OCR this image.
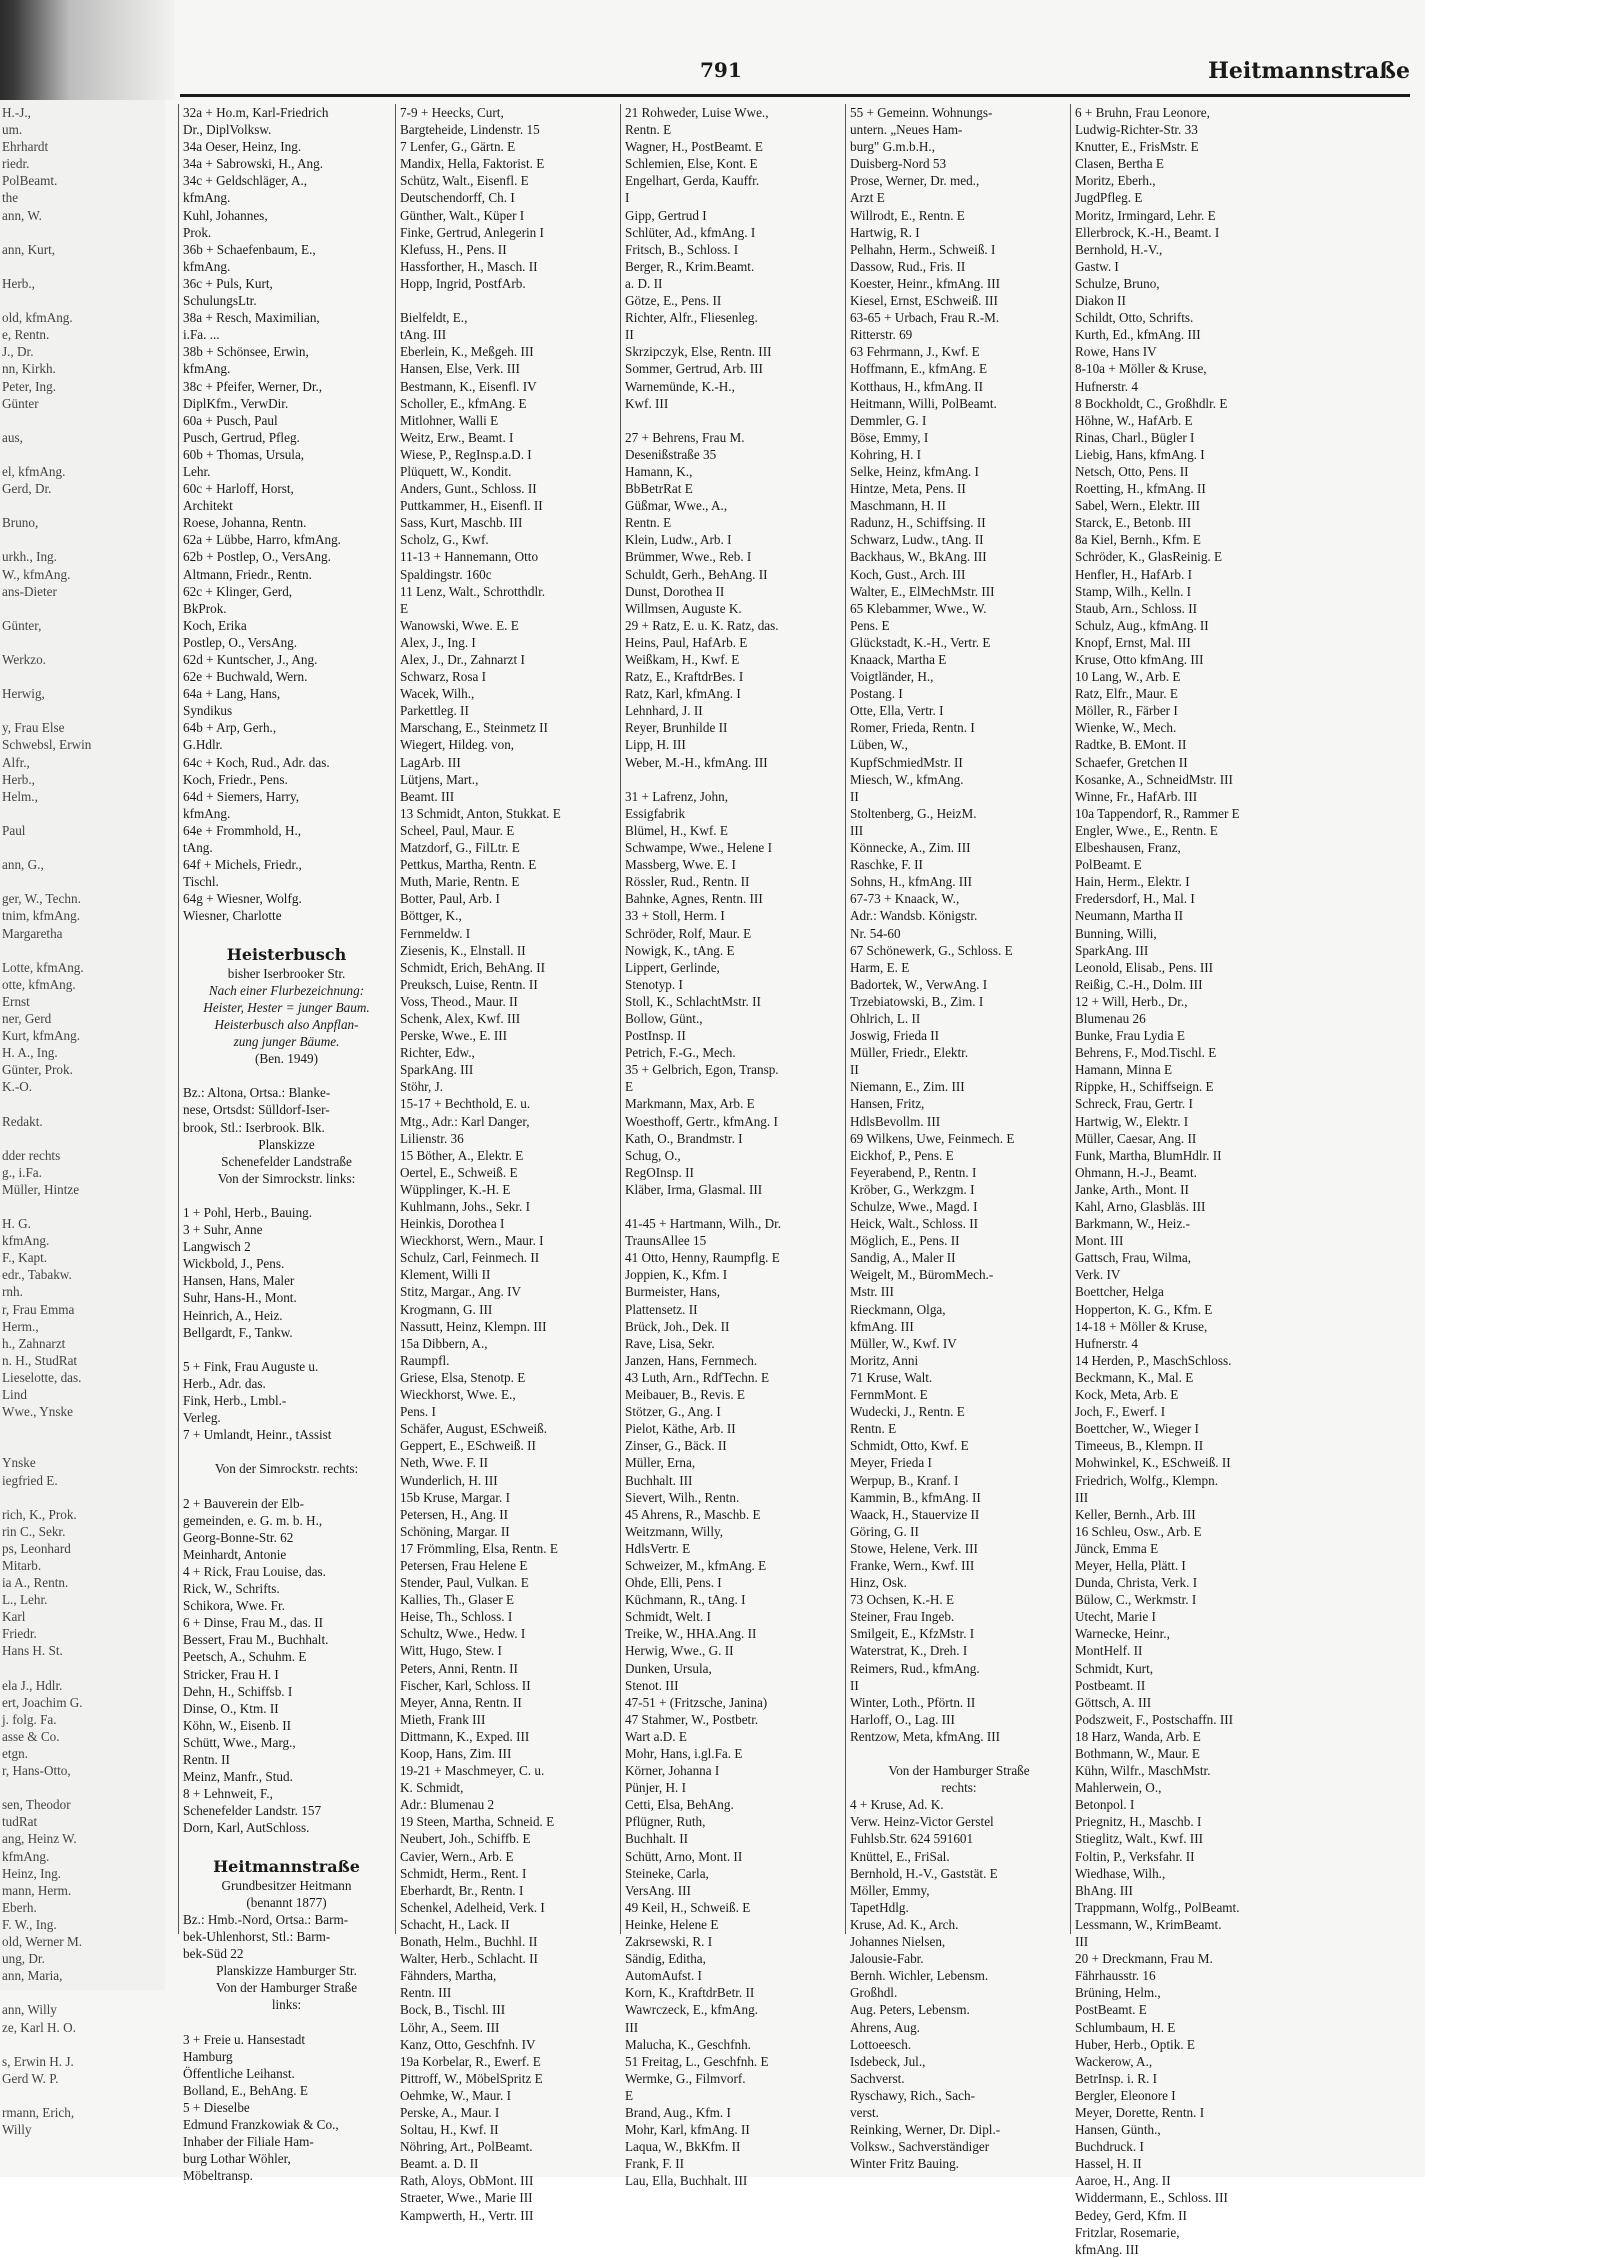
791	Heitmannstraße
H.-J.,
um.
Ehrhardt
riedr.
PolBeamt.
the
ann, W.

ann, Kurt,

Herb.,

old, kfmAng.
e, Rentn.
J., Dr.
nn, Kirkh.
Peter, Ing.
Günter

aus,

el, kfmAng.
Gerd, Dr.

Bruno,

urkh., Ing.
W., kfmAng.
ans-Dieter

Günter,

Werkzo.

Herwig,

y, Frau Else
Schwebsl, Erwin
Alfr.,
Herb.,
Helm.,

Paul

ann, G.,

ger, W., Techn.
tnim, kfmAng.
Margaretha

Lotte, kfmAng.
otte, kfmAng.
Ernst
ner, Gerd
Kurt, kfmAng.
H. A., Ing.
Günter, Prok.
K.-O.

Redakt.

dder rechts
g., i.Fa.
Müller, Hintze

H. G.
kfmAng.
F., Kapt.
edr., Tabakw.
rnh.
r, Frau Emma
Herm.,
h., Zahnarzt
n. H., StudRat
Lieselotte, das.
Lind
Wwe., Ynske

Ynske
iegfried E.

rich, K., Prok.
rin C., Sekr.
ps, Leonhard
Mitarb.
ia A., Rentn.
L., Lehr.
Karl
Friedr.
Hans H. St.

ela J., Hdlr.
ert, Joachim G.
j. folg. Fa.
asse & Co.
etgn.
r, Hans-Otto,

sen, Theodor
tudRat
ang, Heinz W.
kfmAng.
Heinz, Ing.
mann, Herm.
Eberh.
F. W., Ing.
old, Werner M.
ung, Dr.
ann, Maria,

ann, Willy
ze, Karl H. O.

s, Erwin H. J.
Gerd W. P.

rmann, Erich,
Willy
32a + Ho.m, Karl-Friedrich
Dr., DiplVolksw.
34a Oeser, Heinz, Ing.
34a + Sabrowski, H., Ang.
34c + Geldschläger, A.,
kfmAng.
Kuhl, Johannes,
Prok.
36b + Schaefenbaum, E.,
kfmAng.
36c + Puls, Kurt,
SchulungsLtr.
38a + Resch, Maximilian,
i.Fa. ...
38b + Schönsee, Erwin,
kfmAng.
38c + Pfeifer, Werner, Dr.,
DiplKfm., VerwDir.
60a + Pusch, Paul
Pusch, Gertrud, Pfleg.
60b + Thomas, Ursula,
Lehr.
60c + Harloff, Horst,
Architekt
Roese, Johanna, Rentn.
62a + Lübbe, Harro, kfmAng.
62b + Postlep, O., VersAng.
Altmann, Friedr., Rentn.
62c + Klinger, Gerd,
BkProk.
Koch, Erika
Postlep, O., VersAng.
62d + Kuntscher, J., Ang.
62e + Buchwald, Wern.
64a + Lang, Hans,
Syndikus
64b + Arp, Gerh.,
G.Hdlr.
64c + Koch, Rud., Adr. das.
Koch, Friedr., Pens.
64d + Siemers, Harry,
kfmAng.
64e + Frommhold, H.,
tAng.
64f + Michels, Friedr.,
Tischl.
64g + Wiesner, Wolfg.
Wiesner, Charlotte

Heisterbusch
bisher Iserbrooker Str.
Nach einer Flurbezeichnung:
Heister, Hester = junger Baum.
Heisterbusch also Anpflan-
zung junger Bäume.
(Ben. 1949)

Bz.: Altona, Ortsa.: Blanke-
nese, Ortsdst: Sülldorf-Iser-
brook, Stl.: Iserbrook. Blk.
Planskizze
Schenefelder Landstraße
Von der Simrockstr. links:

1 + Pohl, Herb., Bauing.
3 + Suhr, Anne
Langwisch 2
Wickbold, J., Pens.
Hansen, Hans, Maler
Suhr, Hans-H., Mont.
Heinrich, A., Heiz.
Bellgardt, F., Tankw.

5 + Fink, Frau Auguste u.
Herb., Adr. das.
Fink, Herb., Lmbl.-
Verleg.
7 + Umlandt, Heinr., tAssist

Von der Simrockstr. rechts:

2 + Bauverein der Elb-
gemeinden, e. G. m. b. H.,
Georg-Bonne-Str. 62
Meinhardt, Antonie
4 + Rick, Frau Louise, das.
Rick, W., Schrifts.
Schikora, Wwe. Fr.
6 + Dinse, Frau M., das. II
Bessert, Frau M., Buchhalt.
Peetsch, A., Schuhm. E
Stricker, Frau H. I
Dehn, H., Schiffsb. I
Dinse, O., Ktm. II
Köhn, W., Eisenb. II
Schütt, Wwe., Marg.,
Rentn. II
Meinz, Manfr., Stud.
8 + Lehnweit, F.,
Schenefelder Landstr. 157
Dorn, Karl, AutSchloss.

Heitmannstraße
Grundbesitzer Heitmann
(benannt 1877)
Bz.: Hmb.-Nord, Ortsa.: Barm-
bek-Uhlenhorst, Stl.: Barm-
bek-Süd 22
Planskizze Hamburger Str.
Von der Hamburger Straße
links:

3 + Freie u. Hansestadt
Hamburg
Öffentliche Leihanst.
Bolland, E., BehAng. E
5 + Dieselbe
Edmund Franzkowiak & Co.,
Inhaber der Filiale Ham-
burg Lothar Wöhler,
Möbeltransp.
7-9 + Heecks, Curt,
Bargteheide, Lindenstr. 15
7 Lenfer, G., Gärtn. E
Mandix, Hella, Faktorist. E
Schütz, Walt., Eisenfl. E
Deutschendorff, Ch. I
Günther, Walt., Küper I
Finke, Gertrud, Anlegerin I
Klefuss, H., Pens. II
Hassforther, H., Masch. II
Hopp, Ingrid, PostfArb.

Bielfeldt, E.,
tAng. III
Eberlein, K., Meßgeh. III
Hansen, Else, Verk. III
Bestmann, K., Eisenfl. IV
Scholler, E., kfmAng. E
Mitlohner, Walli E
Weitz, Erw., Beamt. I
Wiese, P., RegInsp.a.D. I
Plüquett, W., Kondit.
Anders, Gunt., Schloss. II
Puttkammer, H., Eisenfl. II
Sass, Kurt, Maschb. III
Scholz, G., Kwf.
11-13 + Hannemann, Otto
Spaldingstr. 160c
11 Lenz, Walt., Schrotthdlr.
E
Wanowski, Wwe. E. E
Alex, J., Ing. I
Alex, J., Dr., Zahnarzt I
Schwarz, Rosa I
Wacek, Wilh.,
Parkettleg. II
Marschang, E., Steinmetz II
Wiegert, Hildeg. von,
LagArb. III
Lütjens, Mart.,
Beamt. III
13 Schmidt, Anton, Stukkat. E
Scheel, Paul, Maur. E
Matzdorf, G., FilLtr. E
Pettkus, Martha, Rentn. E
Muth, Marie, Rentn. E
Botter, Paul, Arb. I
Böttger, K.,
Fernmeldw. I
Ziesenis, K., Elnstall. II
Schmidt, Erich, BehAng. II
Preuksch, Luise, Rentn. II
Voss, Theod., Maur. II
Schenk, Alex, Kwf. III
Perske, Wwe., E. III
Richter, Edw.,
SparkAng. III
Stöhr, J.
15-17 + Bechthold, E. u.
Mtg., Adr.: Karl Danger,
Lilienstr. 36
15 Böther, A., Elektr. E
Oertel, E., Schweiß. E
Wüpplinger, K.-H. E
Kuhlmann, Johs., Sekr. I
Heinkis, Dorothea I
Wieckhorst, Wern., Maur. I
Schulz, Carl, Feinmech. II
Klement, Willi II
Stitz, Margar., Ang. IV
Krogmann, G. III
Nassutt, Heinz, Klempn. III
15a Dibbern, A.,
Raumpfl.
Griese, Elsa, Stenotp. E
Wieckhorst, Wwe. E.,
Pens. I
Schäfer, August, ESchweiß.
Geppert, E., ESchweiß. II
Neth, Wwe. F. II
Wunderlich, H. III
15b Kruse, Margar. I
Petersen, H., Ang. II
Schöning, Margar. II
17 Frömmling, Elsa, Rentn. E
Petersen, Frau Helene E
Stender, Paul, Vulkan. E
Kallies, Th., Glaser E
Heise, Th., Schloss. I
Schultz, Wwe., Hedw. I
Witt, Hugo, Stew. I
Peters, Anni, Rentn. II
Fischer, Karl, Schloss. II
Meyer, Anna, Rentn. II
Mieth, Frank III
Dittmann, K., Exped. III
Koop, Hans, Zim. III
19-21 + Maschmeyer, C. u.
K. Schmidt,
Adr.: Blumenau 2
19 Steen, Martha, Schneid. E
Neubert, Joh., Schiffb. E
Cavier, Wern., Arb. E
Schmidt, Herm., Rent. I
Eberhardt, Br., Rentn. I
Schenkel, Adelheid, Verk. I
Schacht, H., Lack. II
Bonath, Helm., Buchhl. II
Walter, Herb., Schlacht. II
Fähnders, Martha,
Rentn. III
Bock, B., Tischl. III
Löhr, A., Seem. III
Kanz, Otto, Geschfnh. IV
19a Korbelar, R., Ewerf. E
Pittroff, W., MöbelSpritz E
Oehmke, W., Maur. I
Perske, A., Maur. I
Soltau, H., Kwf. II
Nöhring, Art., PolBeamt.
Beamt. a. D. II
Rath, Aloys, ObMont. III
Straeter, Wwe., Marie III
Kampwerth, H., Vertr. III
21 Rohweder, Luise Wwe.,
Rentn. E
Wagner, H., PostBeamt. E
Schlemien, Else, Kont. E
Engelhart, Gerda, Kauffr.
I
Gipp, Gertrud I
Schlüter, Ad., kfmAng. I
Fritsch, B., Schloss. I
Berger, R., Krim.Beamt.
a. D. II
Götze, E., Pens. II
Richter, Alfr., Fliesenleg.
II
Skrzipczyk, Else, Rentn. III
Sommer, Gertrud, Arb. III
Warnemünde, K.-H.,
Kwf. III

27 + Behrens, Frau M.
Desenißstraße 35
Hamann, K.,
BbBetrRat E
Güßmar, Wwe., A.,
Rentn. E
Klein, Ludw., Arb. I
Brümmer, Wwe., Reb. I
Schuldt, Gerh., BehAng. II
Dunst, Dorothea II
Willmsen, Auguste K.
29 + Ratz, E. u. K. Ratz, das.
Heins, Paul, HafArb. E
Weißkam, H., Kwf. E
Ratz, E., KraftdrBes. I
Ratz, Karl, kfmAng. I
Lehnhard, J. II
Reyer, Brunhilde II
Lipp, H. III
Weber, M.-H., kfmAng. III

31 + Lafrenz, John,
Essigfabrik
Blümel, H., Kwf. E
Schwampe, Wwe., Helene I
Massberg, Wwe. E. I
Rössler, Rud., Rentn. II
Bahnke, Agnes, Rentn. III
33 + Stoll, Herm. I
Schröder, Rolf, Maur. E
Nowigk, K., tAng. E
Lippert, Gerlinde,
Stenotyp. I
Stoll, K., SchlachtMstr. II
Bollow, Günt.,
PostInsp. II
Petrich, F.-G., Mech.
35 + Gelbrich, Egon, Transp.
E
Markmann, Max, Arb. E
Woesthoff, Gertr., kfmAng. I
Kath, O., Brandmstr. I
Schug, O.,
RegOInsp. II
Kläber, Irma, Glasmal. III

41-45 + Hartmann, Wilh., Dr.
TraunsAllee 15
41 Otto, Henny, Raumpflg. E
Joppien, K., Kfm. I
Burmeister, Hans,
Plattensetz. II
Brück, Joh., Dek. II
Rave, Lisa, Sekr.
Janzen, Hans, Fernmech.
43 Luth, Arn., RdfTechn. E
Meibauer, B., Revis. E
Stötzer, G., Ang. I
Pielot, Käthe, Arb. II
Zinser, G., Bäck. II
Müller, Erna,
Buchhalt. III
Sievert, Wilh., Rentn.
45 Ahrens, R., Maschb. E
Weitzmann, Willy,
HdlsVertr. E
Schweizer, M., kfmAng. E
Ohde, Elli, Pens. I
Küchmann, R., tAng. I
Schmidt, Welt. I
Treike, W., HHA.Ang. II
Herwig, Wwe., G. II
Dunken, Ursula,
Stenot. III
47-51 + (Fritzsche, Janina)
47 Stahmer, W., Postbetr.
Wart a.D. E
Mohr, Hans, i.gl.Fa. E
Körner, Johanna I
Pünjer, H. I
Cetti, Elsa, BehAng.
Pflügner, Ruth,
Buchhalt. II
Schütt, Arno, Mont. II
Steineke, Carla,
VersAng. III
49 Keil, H., Schweiß. E
Heinke, Helene E
Zakrsewski, R. I
Sändig, Editha,
AutomAufst. I
Korn, K., KraftdrBetr. II
Wawrczeck, E., kfmAng.
III
Malucha, K., Geschfnh.
51 Freitag, L., Geschfnh. E
Wermke, G., Filmvorf.
E
Brand, Aug., Kfm. I
Mohr, Karl, kfmAng. II
Laqua, W., BkKfm. II
Frank, F. II
Lau, Ella, Buchhalt. III
55 + Gemeinn. Wohnungs-
untern. „Neues Ham-
burg" G.m.b.H.,
Duisberg-Nord 53
Prose, Werner, Dr. med.,
Arzt E
Willrodt, E., Rentn. E
Hartwig, R. I
Pelhahn, Herm., Schweiß. I
Dassow, Rud., Fris. II
Koester, Heinr., kfmAng. III
Kiesel, Ernst, ESchweiß. III
63-65 + Urbach, Frau R.-M.
Ritterstr. 69
63 Fehrmann, J., Kwf. E
Hoffmann, E., kfmAng. E
Kotthaus, H., kfmAng. II
Heitmann, Willi, PolBeamt.
Demmler, G. I
Böse, Emmy, I
Kohring, H. I
Selke, Heinz, kfmAng. I
Hintze, Meta, Pens. II
Maschmann, H. II
Radunz, H., Schiffsing. II
Schwarz, Ludw., tAng. II
Backhaus, W., BkAng. III
Koch, Gust., Arch. III
Walter, E., ElMechMstr. III
65 Klebammer, Wwe., W.
Pens. E
Glückstadt, K.-H., Vertr. E
Knaack, Martha E
Voigtländer, H.,
Postang. I
Otte, Ella, Vertr. I
Romer, Frieda, Rentn. I
Lüben, W.,
KupfSchmiedMstr. II
Miesch, W., kfmAng.
II
Stoltenberg, G., HeizM.
III
Könnecke, A., Zim. III
Raschke, F. II
Sohns, H., kfmAng. III
67-73 + Knaack, W.,
Adr.: Wandsb. Königstr.
Nr. 54-60
67 Schönewerk, G., Schloss. E
Harm, E. E
Badortek, W., VerwAng. I
Trzebiatowski, B., Zim. I
Ohlrich, L. II
Joswig, Frieda II
Müller, Friedr., Elektr.
II
Niemann, E., Zim. III
Hansen, Fritz,
HdlsBevollm. III
69 Wilkens, Uwe, Feinmech. E
Eickhof, P., Pens. E
Feyerabend, P., Rentn. I
Kröber, G., Werkzgm. I
Schulze, Wwe., Magd. I
Heick, Walt., Schloss. II
Möglich, E., Pens. II
Sandig, A., Maler II
Weigelt, M., BüromMech.-
Mstr. III
Rieckmann, Olga,
kfmAng. III
Müller, W., Kwf. IV
Moritz, Anni
71 Kruse, Walt.
FernmMont. E
Wudecki, J., Rentn. E
Rentn. E
Schmidt, Otto, Kwf. E
Meyer, Frieda I
Werpup, B., Kranf. I
Kammin, B., kfmAng. II
Waack, H., Stauervize II
Göring, G. II
Stowe, Helene, Verk. III
Franke, Wern., Kwf. III
Hinz, Osk.
73 Ochsen, K.-H. E
Steiner, Frau Ingeb.
Smilgeit, E., KfzMstr. I
Waterstrat, K., Dreh. I
Reimers, Rud., kfmAng.
II
Winter, Loth., Pförtn. II
Harloff, O., Lag. III
Rentzow, Meta, kfmAng. III

Von der Hamburger Straße
rechts:
4 + Kruse, Ad. K.
Verw. Heinz-Victor Gerstel
Fuhlsb.Str. 624 591601
Knüttel, E., FriSal.
Bernhold, H.-V., Gaststät. E
Möller, Emmy,
TapetHdlg.
Kruse, Ad. K., Arch.
Johannes Nielsen,
Jalousie-Fabr.
Bernh. Wichler, Lebensm.
Großhdl.
Aug. Peters, Lebensm.
Ahrens, Aug.
Lottoeesch.
Isdebeck, Jul.,
Sachverst.
Ryschawy, Rich., Sach-
verst.
Reinking, Werner, Dr. Dipl.-
Volksw., Sachverständiger
Winter Fritz Bauing.
6 + Bruhn, Frau Leonore,
Ludwig-Richter-Str. 33
Knutter, E., FrisMstr. E
Clasen, Bertha E
Moritz, Eberh.,
JugdPfleg. E
Moritz, Irmingard, Lehr. E
Ellerbrock, K.-H., Beamt. I
Bernhold, H.-V.,
Gastw. I
Schulze, Bruno,
Diakon II
Schildt, Otto, Schrifts.
Kurth, Ed., kfmAng. III
Rowe, Hans IV
8-10a + Möller & Kruse,
Hufnerstr. 4
8 Bockholdt, C., Großhdlr. E
Höhne, W., HafArb. E
Rinas, Charl., Bügler I
Liebig, Hans, kfmAng. I
Netsch, Otto, Pens. II
Roetting, H., kfmAng. II
Sabel, Wern., Elektr. III
Starck, E., Betonb. III
8a Kiel, Bernh., Kfm. E
Schröder, K., GlasReinig. E
Henfler, H., HafArb. I
Stamp, Wilh., Kelln. I
Staub, Arn., Schloss. II
Schulz, Aug., kfmAng. II
Knopf, Ernst, Mal. III
Kruse, Otto kfmAng. III
10 Lang, W., Arb. E
Ratz, Elfr., Maur. E
Möller, R., Färber I
Wienke, W., Mech.
Radtke, B. EMont. II
Schaefer, Gretchen II
Kosanke, A., SchneidMstr. III
Winne, Fr., HafArb. III
10a Tappendorf, R., Rammer E
Engler, Wwe., E., Rentn. E
Elbeshausen, Franz,
PolBeamt. E
Hain, Herm., Elektr. I
Fredersdorf, H., Mal. I
Neumann, Martha II
Bunning, Willi,
SparkAng. III
Leonold, Elisab., Pens. III
Reißig, C.-H., Dolm. III
12 + Will, Herb., Dr.,
Blumenau 26
Bunke, Frau Lydia E
Behrens, F., Mod.Tischl. E
Hamann, Minna E
Rippke, H., Schiffseign. E
Schreck, Frau, Gertr. I
Hartwig, W., Elektr. I
Müller, Caesar, Ang. II
Funk, Martha, BlumHdlr. II
Ohmann, H.-J., Beamt.
Janke, Arth., Mont. II
Kahl, Arno, Glasbläs. III
Barkmann, W., Heiz.-
Mont. III
Gattsch, Frau, Wilma,
Verk. IV
Boettcher, Helga
Hopperton, K. G., Kfm. E
14-18 + Möller & Kruse,
Hufnerstr. 4
14 Herden, P., MaschSchloss.
Beckmann, K., Mal. E
Kock, Meta, Arb. E
Joch, F., Ewerf. I
Boettcher, W., Wieger I
Timeeus, B., Klempn. II
Mohwinkel, K., ESchweiß. II
Friedrich, Wolfg., Klempn.
III
Keller, Bernh., Arb. III
16 Schleu, Osw., Arb. E
Jünck, Emma E
Meyer, Hella, Plätt. I
Dunda, Christa, Verk. I
Bülow, C., Werkmstr. I
Utecht, Marie I
Warnecke, Heinr.,
MontHelf. II
Schmidt, Kurt,
Postbeamt. II
Göttsch, A. III
Podszweit, F., Postschaffn. III
18 Harz, Wanda, Arb. E
Bothmann, W., Maur. E
Kühn, Wilfr., MaschMstr.
Mahlerwein, O.,
Betonpol. I
Priegnitz, H., Maschb. I
Stieglitz, Walt., Kwf. III
Foltin, P., Verksfahr. II
Wiedhase, Wilh.,
BhAng. III
Trappmann, Wolfg., PolBeamt.
Lessmann, W., KrimBeamt.
III
20 + Dreckmann, Frau M.
Fährhausstr. 16
Brüning, Helm.,
PostBeamt. E
Schlumbaum, H. E
Huber, Herb., Optik. E
Wackerow, A.,
BetrInsp. i. R. I
Bergler, Eleonore I
Meyer, Dorette, Rentn. I
Hansen, Günth.,
Buchdruck. I
Hassel, H. II
Aaroe, H., Ang. II
Widdermann, E., Schloss. III
Bedey, Gerd, Kfm. II
Fritzlar, Rosemarie,
kfmAng. III
